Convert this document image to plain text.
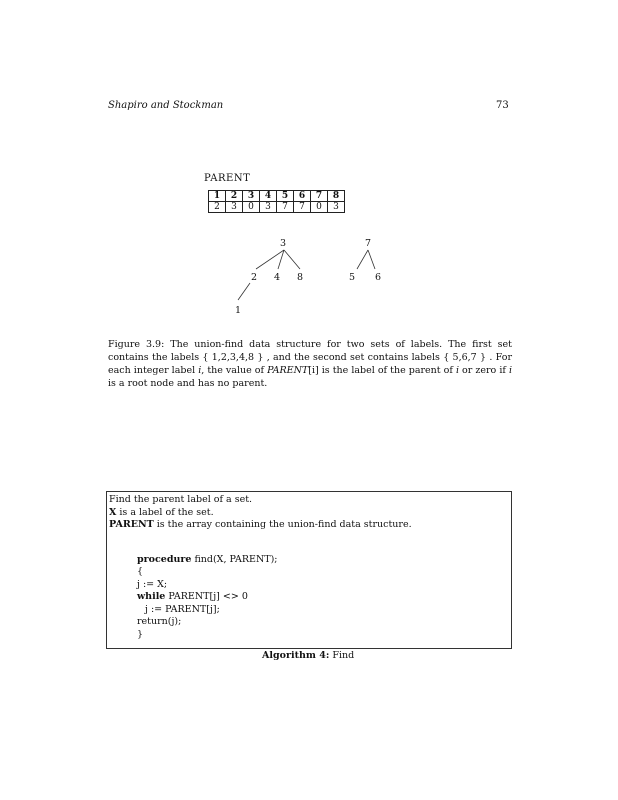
Shapiro and Stockman	73
PARENT
1	2	3	4	5	6	7	8
2	3	0	3	7	7	0	3
3
2 4 8
1
7
5 6
Figure 3.9: The union-find data structure for two sets of labels. The first set contains the labels { 1,2,3,4,8 } , and the second set contains labels { 5,6,7 } . For each integer label i, the value of PARENT[i] is the label of the parent of i or zero if i is a root node and has no parent.
Find the parent label of a set.
X is a label of the set.
PARENT is the array containing the union-find data structure.
procedure find(X, PARENT);
{
j := X;
while PARENT[j] <> 0
j := PARENT[j];
return(j);
}
Algorithm 4: Find
